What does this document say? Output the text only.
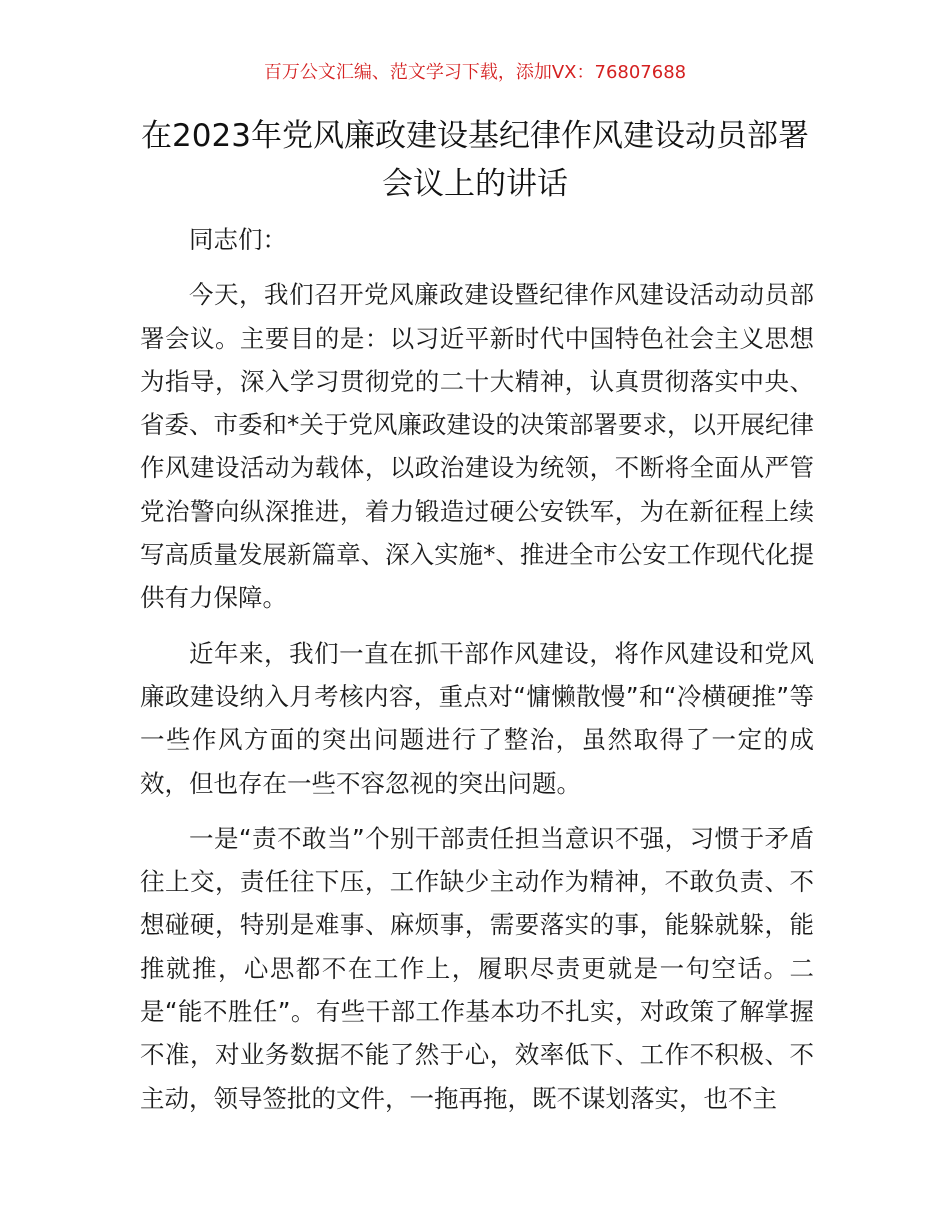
百万公文汇编、范文学习下载，添加VX：76807688
在2023年党风廉政建设基纪律作风建设动员部署会议上的讲话

同志们：

今天，我们召开党风廉政建设暨纪律作风建设活动动员部署会议。主要目的是：以习近平新时代中国特色社会主义思想为指导，深入学习贯彻党的二十大精神，认真贯彻落实中央、省委、市委和*关于党风廉政建设的决策部署要求，以开展纪律作风建设活动为载体，以政治建设为统领，不断将全面从严管党治警向纵深推进，着力锻造过硬公安铁军，为在新征程上续写高质量发展新篇章、深入实施*、推进全市公安工作现代化提供有力保障。

近年来，我们一直在抓干部作风建设，将作风建设和党风廉政建设纳入月考核内容，重点对“慵懒散慢”和“冷横硬推”等一些作风方面的突出问题进行了整治，虽然取得了一定的成效，但也存在一些不容忽视的突出问题。

一是“责不敢当”个别干部责任担当意识不强，习惯于矛盾往上交，责任往下压，工作缺少主动作为精神，不敢负责、不想碰硬，特别是难事、麻烦事，需要落实的事，能躲就躲，能推就推，心思都不在工作上，履职尽责更就是一句空话。二是“能不胜任”。有些干部工作基本功不扎实，对政策了解掌握不准，对业务数据不能了然于心，效率低下、工作不积极、不主动，领导签批的文件，一拖再拖，既不谋划落实，也不主
